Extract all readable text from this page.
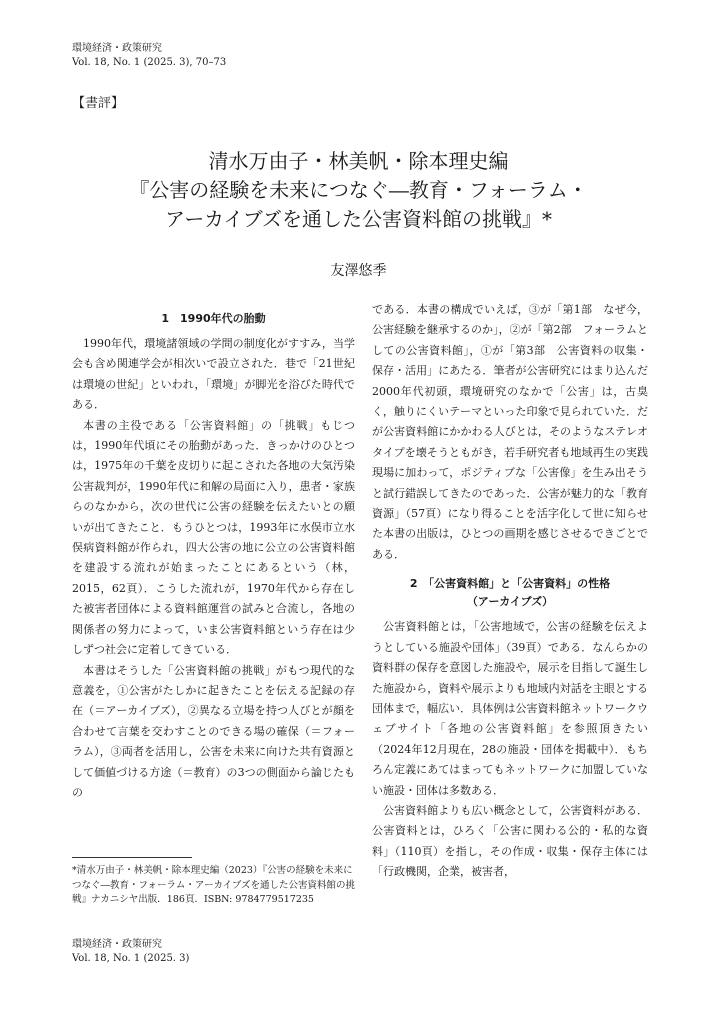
環境経済・政策研究
Vol. 18, No. 1 (2025. 3), 70–73
【書評】
清水万由子・林美帆・除本理史編
『公害の経験を未来につなぐ―教育・フォーラム・
アーカイブズを通した公害資料館の挑戦』*
友澤悠季
1　1990年代の胎動

1990年代，環境諸領域の学問の制度化がすすみ，当学会も含め関連学会が相次いで設立された．巷で「21世紀は環境の世紀」といわれ，「環境」が脚光を浴びた時代である．

本書の主役である「公害資料館」の「挑戦」もじつは，1990年代頃にその胎動があった．きっかけのひとつは，1975年の千葉を皮切りに起こされた各地の大気汚染公害裁判が，1990年代に和解の局面に入り，患者・家族らのなかから，次の世代に公害の経験を伝えたいとの願いが出てきたこと．もうひとつは，1993年に水俣市立水俣病資料館が作られ，四大公害の地に公立の公害資料館を建設する流れが始まったことにあるという（林，2015，62頁）．こうした流れが，1970年代から存在した被害者団体による資料館運営の試みと合流し，各地の関係者の努力によって，いま公害資料館という存在は少しずつ社会に定着してきている．

本書はそうした「公害資料館の挑戦」がもつ現代的な意義を，①公害がたしかに起きたことを伝える記録の存在（＝アーカイブズ），②異なる立場を持つ人びとが顔を合わせて言葉を交わすことのできる場の確保（＝フォーラム），③両者を活用し，公害を未来に向けた共有資源として価値づける方途（＝教育）の3つの側面から論じたもの

*清水万由子・林美帆・除本理史編（2023）『公害の経験を未来につなぐ―教育・フォーラム・アーカイブズを通した公害資料館の挑戦』ナカニシヤ出版．186頁．ISBN: 9784779517235

である．本書の構成でいえば，③が「第1部　なぜ今，公害経験を継承するのか」，②が「第2部　フォーラムとしての公害資料館」，①が「第3部　公害資料の収集・保存・活用」にあたる．筆者が公害研究にはまり込んだ2000年代初頭，環境研究のなかで「公害」は，古臭く，触りにくいテーマといった印象で見られていた．だが公害資料館にかかわる人びとは，そのようなステレオタイプを壊そうともがき，若手研究者も地域再生の実践現場に加わって，ポジティブな「公害像」を生み出そうと試行錯誤してきたのであった．公害が魅力的な「教育資源」（57頁）になり得ることを活字化して世に知らせた本書の出版は，ひとつの画期を感じさせるできごとである．

2　「公害資料館」と「公害資料」の性格
（アーカイブズ）

公害資料館とは，「公害地域で，公害の経験を伝えようとしている施設や団体」（39頁）である．なんらかの資料群の保存を意図した施設や，展示を目指して誕生した施設から，資料や展示よりも地域内対話を主眼とする団体まで，幅広い．具体例は公害資料館ネットワークウェブサイト「各地の公害資料館」を参照頂きたい（2024年12月現在，28の施設・団体を掲載中）．もちろん定義にあてはまってもネットワークに加盟していない施設・団体は多数ある．

公害資料館よりも広い概念として，公害資料がある．公害資料とは，ひろく「公害に関わる公的・私的な資料」（110頁）を指し，その作成・収集・保存主体には「行政機関，企業，被害者，

環境経済・政策研究
Vol. 18, No. 1 (2025. 3)
